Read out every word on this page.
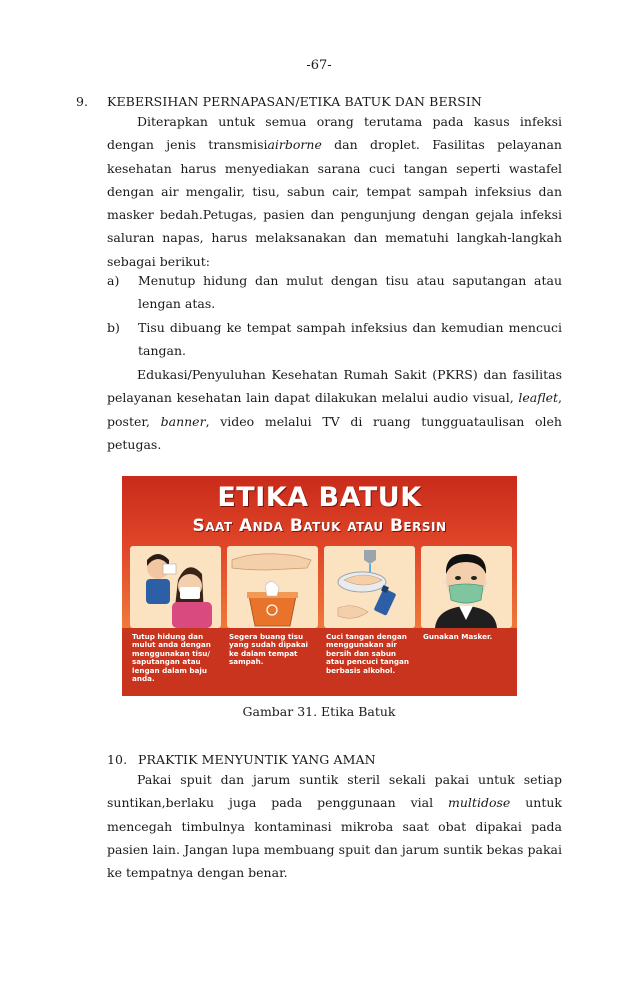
-67-
9. KEBERSIHAN PERNAPASAN/ETIKA BATUK DAN BERSIN

Diterapkan untuk semua orang terutama pada kasus infeksi dengan jenis transmisiairborne dan droplet. Fasilitas pelayanan kesehatan harus menyediakan sarana cuci tangan seperti wastafel dengan air mengalir, tisu, sabun cair, tempat sampah infeksius dan masker bedah.Petugas, pasien dan pengunjung dengan gejala infeksi saluran napas, harus melaksanakan dan mematuhi langkah-langkah sebagai berikut:

a) Menutup hidung dan mulut dengan tisu atau saputangan atau lengan atas.
b) Tisu dibuang ke tempat sampah infeksius dan kemudian mencuci tangan.

Edukasi/Penyuluhan Kesehatan Rumah Sakit (PKRS) dan fasilitas pelayanan kesehatan lain dapat dilakukan melalui audio visual, leaflet, poster, banner, video melalui TV di ruang tungguataulisan oleh petugas.

ETIKA BATUK
Saat Anda Batuk atau Bersin
Tutup hidung dan mulut anda dengan menggunakan tisu/ saputangan atau lengan dalam baju anda.
Segera buang tisu yang sudah dipakai ke dalam tempat sampah.
Cuci tangan dengan menggunakan air bersih dan sabun atau pencuci tangan berbasis alkohol.
Gunakan Masker.
Gambar 31. Etika Batuk
10. PRAKTIK MENYUNTIK YANG AMAN

Pakai spuit dan jarum suntik steril sekali pakai untuk setiap suntikan,berlaku juga pada penggunaan vial multidose untuk mencegah timbulnya kontaminasi mikroba saat obat dipakai pada pasien lain. Jangan lupa membuang spuit dan jarum suntik bekas pakai ke tempatnya dengan benar.
